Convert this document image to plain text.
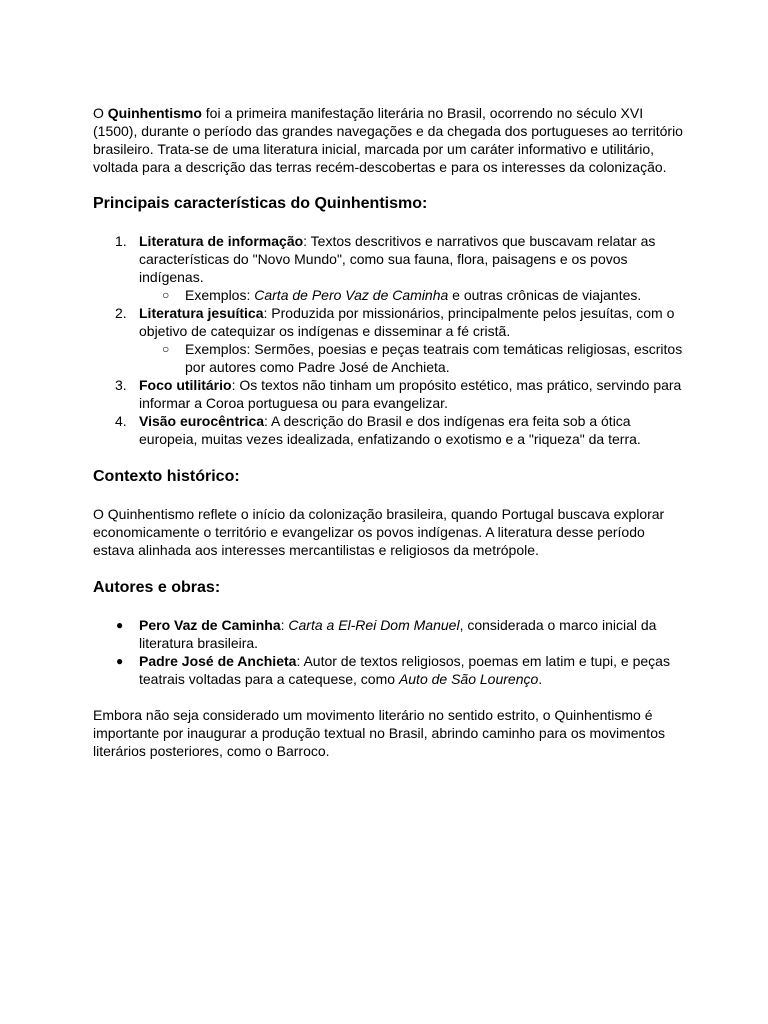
O Quinhentismo foi a primeira manifestação literária no Brasil, ocorrendo no século XVI (1500), durante o período das grandes navegações e da chegada dos portugueses ao território brasileiro. Trata-se de uma literatura inicial, marcada por um caráter informativo e utilitário, voltada para a descrição das terras recém-descobertas e para os interesses da colonização.

Principais características do Quinhentismo:
1. Literatura de informação: Textos descritivos e narrativos que buscavam relatar as características do "Novo Mundo", como sua fauna, flora, paisagens e os povos indígenas.
○ Exemplos: Carta de Pero Vaz de Caminha e outras crônicas de viajantes.
2. Literatura jesuítica: Produzida por missionários, principalmente pelos jesuítas, com o objetivo de catequizar os indígenas e disseminar a fé cristã.
○ Exemplos: Sermões, poesias e peças teatrais com temáticas religiosas, escritos por autores como Padre José de Anchieta.
3. Foco utilitário: Os textos não tinham um propósito estético, mas prático, servindo para informar a Coroa portuguesa ou para evangelizar.
4. Visão eurocêntrica: A descrição do Brasil e dos indígenas era feita sob a ótica europeia, muitas vezes idealizada, enfatizando o exotismo e a "riqueza" da terra.
Contexto histórico:

O Quinhentismo reflete o início da colonização brasileira, quando Portugal buscava explorar economicamente o território e evangelizar os povos indígenas. A literatura desse período estava alinhada aos interesses mercantilistas e religiosos da metrópole.

Autores e obras:
● Pero Vaz de Caminha: Carta a El-Rei Dom Manuel, considerada o marco inicial da literatura brasileira.
● Padre José de Anchieta: Autor de textos religiosos, poemas em latim e tupi, e peças teatrais voltadas para a catequese, como Auto de São Lourenço.

Embora não seja considerado um movimento literário no sentido estrito, o Quinhentismo é importante por inaugurar a produção textual no Brasil, abrindo caminho para os movimentos literários posteriores, como o Barroco.
